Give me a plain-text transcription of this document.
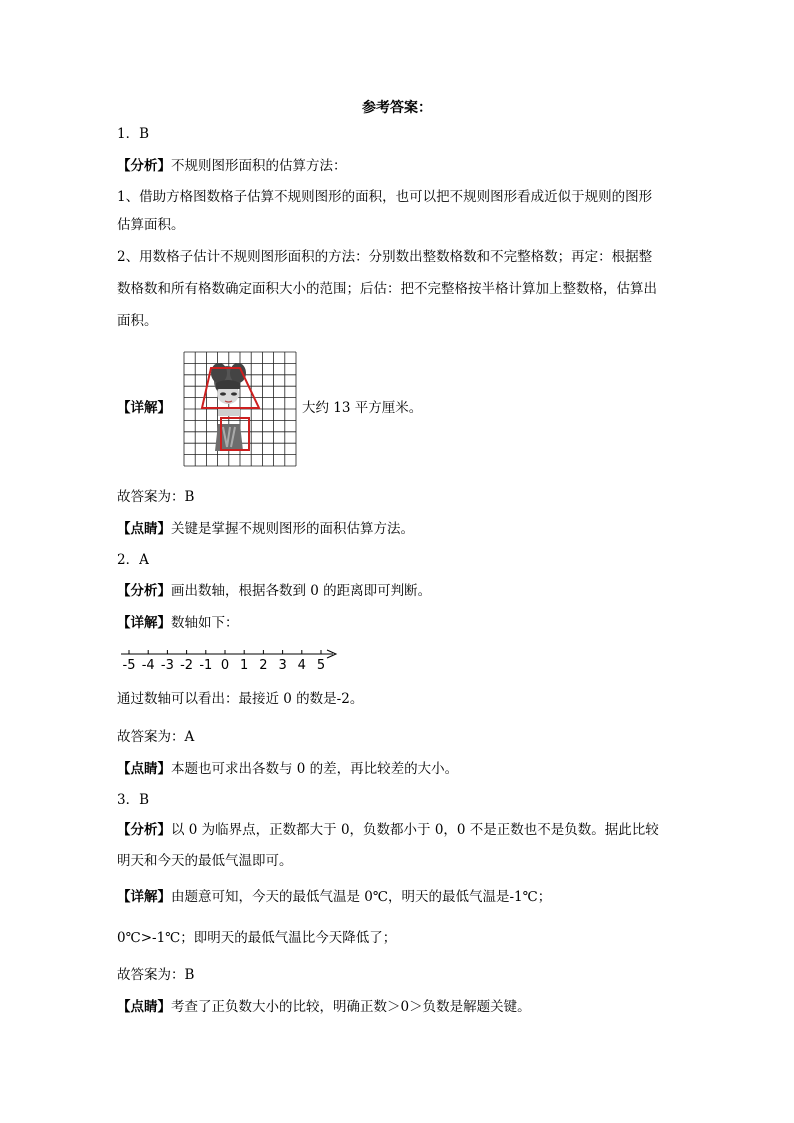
参考答案：
1．B
【分析】不规则图形面积的估算方法：
1、借助方格图数格子估算不规则图形的面积，也可以把不规则图形看成近似于规则的图形
估算面积。
2、用数格子估计不规则图形面积的方法：分别数出整数格数和不完整格数；再定：根据整
数格数和所有格数确定面积大小的范围；后估：把不完整格按半格计算加上整数格，估算出
面积。
【详解】	大约 13 平方厘米。
故答案为：B
【点睛】关键是掌握不规则图形的面积估算方法。
2．A
【分析】画出数轴，根据各数到 0 的距离即可判断。
【详解】数轴如下：
-5 -4 -3 -2 -1 0 1 2 3 4 5
通过数轴可以看出：最接近 0 的数是-2。
故答案为：A
【点睛】本题也可求出各数与 0 的差，再比较差的大小。
3．B
【分析】以 0 为临界点，正数都大于 0，负数都小于 0，0 不是正数也不是负数。据此比较
明天和今天的最低气温即可。
【详解】由题意可知，今天的最低气温是 0℃，明天的最低气温是-1℃；
0℃>-1℃；即明天的最低气温比今天降低了；
故答案为：B
【点睛】考查了正负数大小的比较，明确正数＞0＞负数是解题关键。
